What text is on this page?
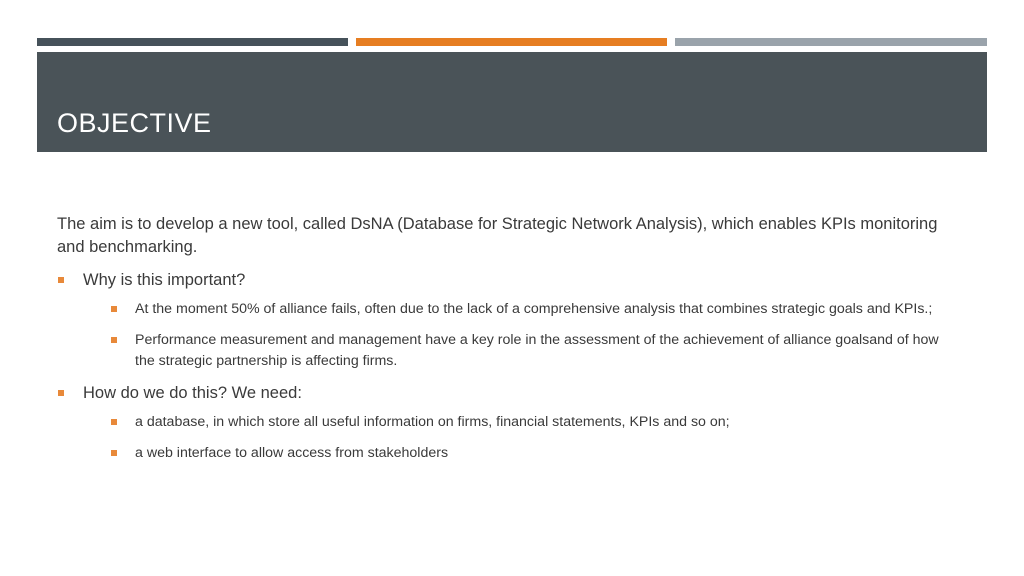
OBJECTIVE

The aim is to develop a new tool, called DsNA (Database for Strategic Network Analysis), which enables KPIs monitoring and benchmarking.

Why is this important?
At the moment 50% of alliance fails, often due to the lack of a comprehensive analysis that combines strategic goals and KPIs.;
Performance measurement and management have a key role in the assessment of the achievement of alliance goalsand of how the strategic partnership is affecting firms.
How do we do this? We need:
a database, in which store all useful information on firms, financial statements, KPIs and so on;
a web interface to allow access from stakeholders
